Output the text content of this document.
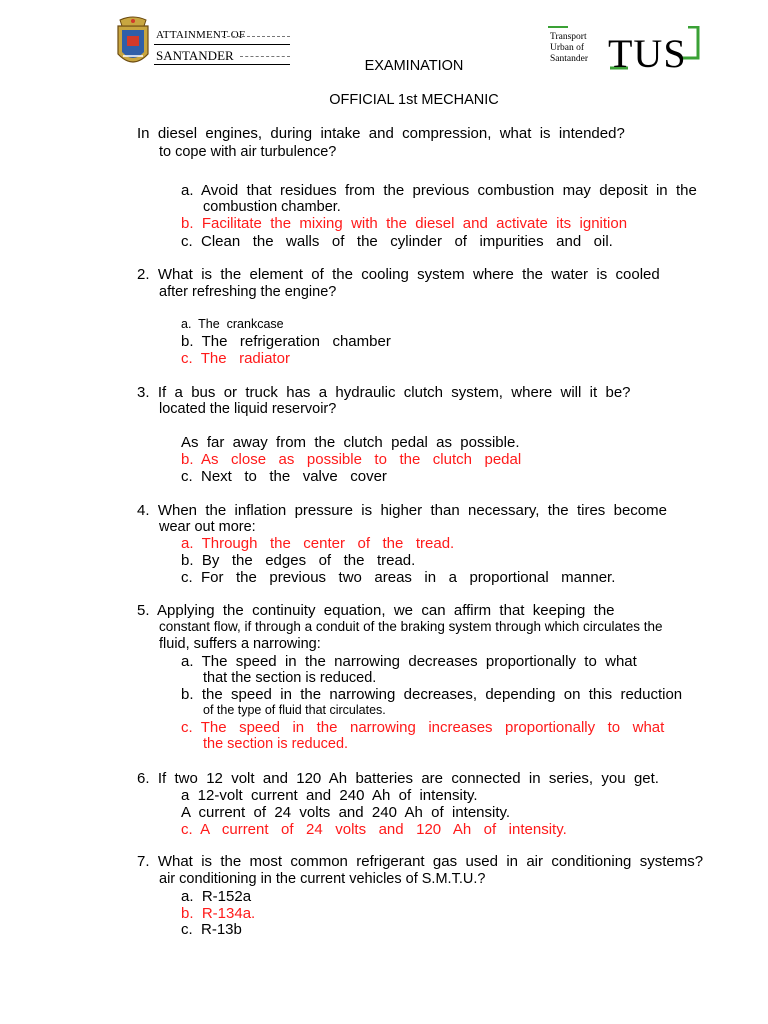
ATTAINMENT OF
SANTANDER
Transport
Urban of
Santander TUS
EXAMINATION
OFFICIAL 1st MECHANIC
In  diesel  engines,  during  intake  and  compression,  what  is  intended?
to cope with air turbulence?
a.  Avoid  that  residues  from  the  previous  combustion  may  deposit  in  the
combustion chamber.
b.  Facilitate  the  mixing  with  the  diesel  and  activate  its  ignition
c.  Clean   the   walls   of   the   cylinder   of   impurities   and   oil.
2.  What  is  the  element  of  the  cooling  system  where  the  water  is  cooled
after refreshing the engine?
a.  The  crankcase
b.  The   refrigeration   chamber
c.  The   radiator
3.  If  a  bus  or  truck  has  a  hydraulic  clutch  system,  where  will  it  be?
located the liquid reservoir?
As  far  away  from  the  clutch  pedal  as  possible.
b.  As   close   as   possible   to   the   clutch   pedal
c.  Next   to   the   valve   cover
4.  When  the  inflation  pressure  is  higher  than  necessary,  the  tires  become
wear out more:
a.  Through   the   center   of   the   tread.
b.  By   the   edges   of   the   tread.
c.  For   the   previous   two   areas   in   a   proportional   manner.
5.  Applying  the  continuity  equation,  we  can  affirm  that  keeping  the
constant flow, if through a conduit of the braking system through which circulates the
fluid, suffers a narrowing:
a.  The  speed  in  the  narrowing  decreases  proportionally  to  what
that the section is reduced.
b.  the  speed  in  the  narrowing  decreases,  depending  on  this  reduction
of the type of fluid that circulates.
c.  The   speed   in   the   narrowing   increases   proportionally   to   what
the section is reduced.
6.  If  two  12  volt  and  120  Ah  batteries  are  connected  in  series,  you  get.
a  12-volt  current  and  240  Ah  of  intensity.
A  current  of  24  volts  and  240  Ah  of  intensity.
c.  A   current   of   24   volts   and   120   Ah   of   intensity.
7.  What  is  the  most  common  refrigerant  gas  used  in  air  conditioning  systems?
air conditioning in the current vehicles of S.M.T.U.?
a.  R-152a
b.  R-134a.
c.  R-13b
